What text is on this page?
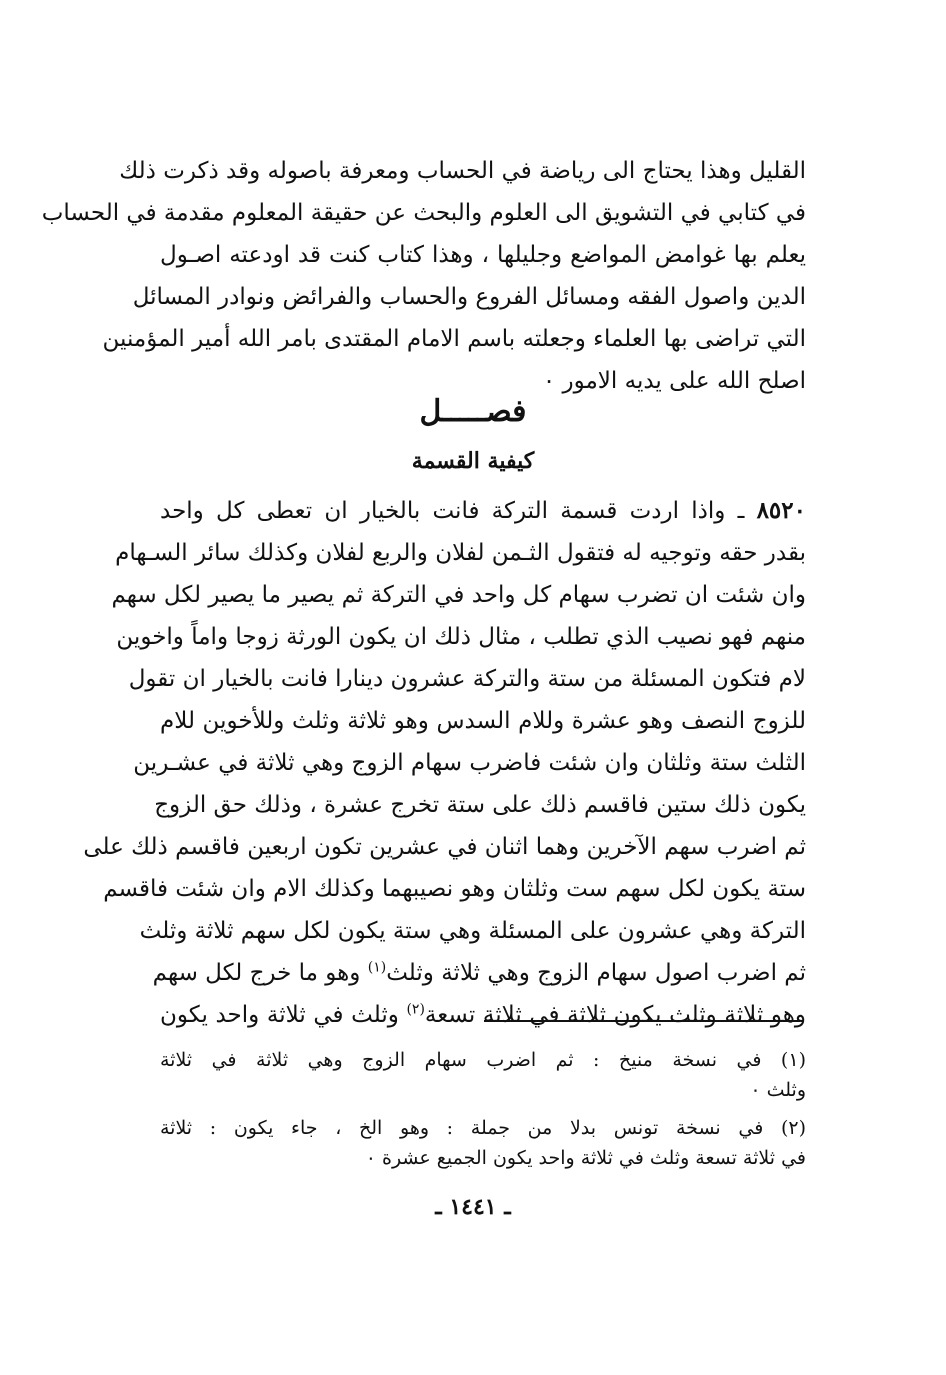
القليل وهذا يحتاج الى رياضة في الحساب ومعرفة باصوله وقد ذكرت ذلك
في كتابي في التشويق الى العلوم والبحث عن حقيقة المعلوم مقدمة في الحساب
يعلم بها غوامض المواضع وجليلها ، وهذا كتاب كنت قد اودعته اصـول
الدين واصول الفقه ومسائل الفروع والحساب والفرائض ونوادر المسائل
التي تراضى بها العلماء وجعلته باسم الامام المقتدى بامر الله أمير المؤمنين
اصلح الله على يديه الامور ٠
فصـــــل
كيفية القسمة
٨٥٢٠ ـ واذا اردت قسمة التركة فانت بالخيار ان تعطى كل واحد
بقدر حقه وتوجيه له فتقول الثـمن لفلان والربع لفلان وكذلك سائر السـهام
وان شئت ان تضرب سهام كل واحد في التركة ثم يصير ما يصير لكل سهم
منهم فهو نصيب الذي تطلب ، مثال ذلك ان يكون الورثة زوجا واماً واخوين
لام فتكون المسئلة من ستة والتركة عشرون دينارا فانت بالخيار ان تقول
للزوج النصف وهو عشرة وللام السدس وهو ثلاثة وثلث وللأخوين للام
الثلث ستة وثلثان وان شئت فاضرب سهام الزوج وهي ثلاثة في عشـرين
يكون ذلك ستين فاقسم ذلك على ستة تخرج عشرة ، وذلك حق الزوج
ثم اضرب سهم الآخرين وهما اثنان في عشرين تكون اربعين فاقسم ذلك على
ستة يكون لكل سهم ست وثلثان وهو نصيبهما وكذلك الام وان شئت فاقسم
التركة وهي عشرون على المسئلة وهي ستة يكون لكل سهم ثلاثة وثلث
ثم اضرب اصول سهام الزوج وهي ثلاثة وثلث$^{(١)}$ وهو ما خرج لكل سهم
وهو ثلاثة وثلث يكون ثلاثة في ثلاثة تسعة$^{(٢)}$ وثلث في ثلاثة واحد يكون
(١) في نسخة منيخ : ثم اضرب سهام الزوج وهي ثلاثة في ثلاثة
وثلث ٠
(٢) في نسخة تونس بدلا من جملة : وهو الخ ، جاء يكون : ثلاثة
في ثلاثة تسعة وثلث في ثلاثة واحد يكون الجميع عشرة ٠
ـ ١٤٤١ ـ
